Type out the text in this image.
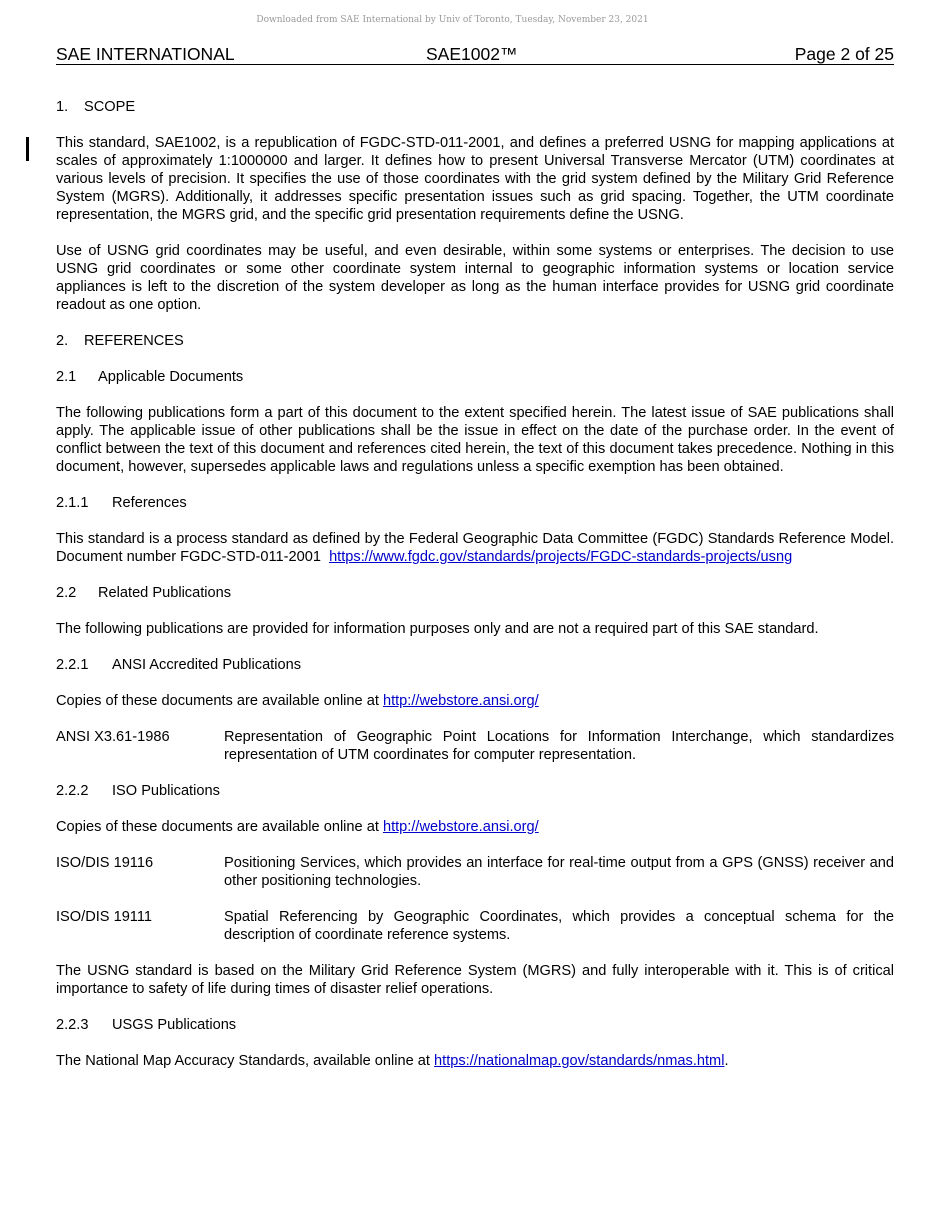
Downloaded from SAE International by Univ of Toronto, Tuesday, November 23, 2021
SAE INTERNATIONAL	SAE1002™	Page 2 of 25
1. SCOPE

This standard, SAE1002, is a republication of FGDC-STD-011-2001, and defines a preferred USNG for mapping applications at scales of approximately 1:1000000 and larger. It defines how to present Universal Transverse Mercator (UTM) coordinates at various levels of precision. It specifies the use of those coordinates with the grid system defined by the Military Grid Reference System (MGRS). Additionally, it addresses specific presentation issues such as grid spacing. Together, the UTM coordinate representation, the MGRS grid, and the specific grid presentation requirements define the USNG.

Use of USNG grid coordinates may be useful, and even desirable, within some systems or enterprises. The decision to use USNG grid coordinates or some other coordinate system internal to geographic information systems or location service appliances is left to the discretion of the system developer as long as the human interface provides for USNG grid coordinate readout as one option.

2. REFERENCES
2.1 Applicable Documents

The following publications form a part of this document to the extent specified herein. The latest issue of SAE publications shall apply. The applicable issue of other publications shall be the issue in effect on the date of the purchase order. In the event of conflict between the text of this document and references cited herein, the text of this document takes precedence. Nothing in this document, however, supersedes applicable laws and regulations unless a specific exemption has been obtained.

2.1.1 References

This standard is a process standard as defined by the Federal Geographic Data Committee (FGDC) Standards Reference Model. Document number FGDC-STD-011-2001 https://www.fgdc.gov/standards/projects/FGDC-standards-projects/usng

2.2 Related Publications

The following publications are provided for information purposes only and are not a required part of this SAE standard.

2.2.1 ANSI Accredited Publications

Copies of these documents are available online at http://webstore.ansi.org/

ANSI X3.61-1986	Representation of Geographic Point Locations for Information Interchange, which standardizes representation of UTM coordinates for computer representation.
2.2.2 ISO Publications

Copies of these documents are available online at http://webstore.ansi.org/

ISO/DIS 19116	Positioning Services, which provides an interface for real-time output from a GPS (GNSS) receiver and other positioning technologies.
ISO/DIS 19111	Spatial Referencing by Geographic Coordinates, which provides a conceptual schema for the description of coordinate reference systems.

The USNG standard is based on the Military Grid Reference System (MGRS) and fully interoperable with it. This is of critical importance to safety of life during times of disaster relief operations.

2.2.3 USGS Publications

The National Map Accuracy Standards, available online at https://nationalmap.gov/standards/nmas.html.
